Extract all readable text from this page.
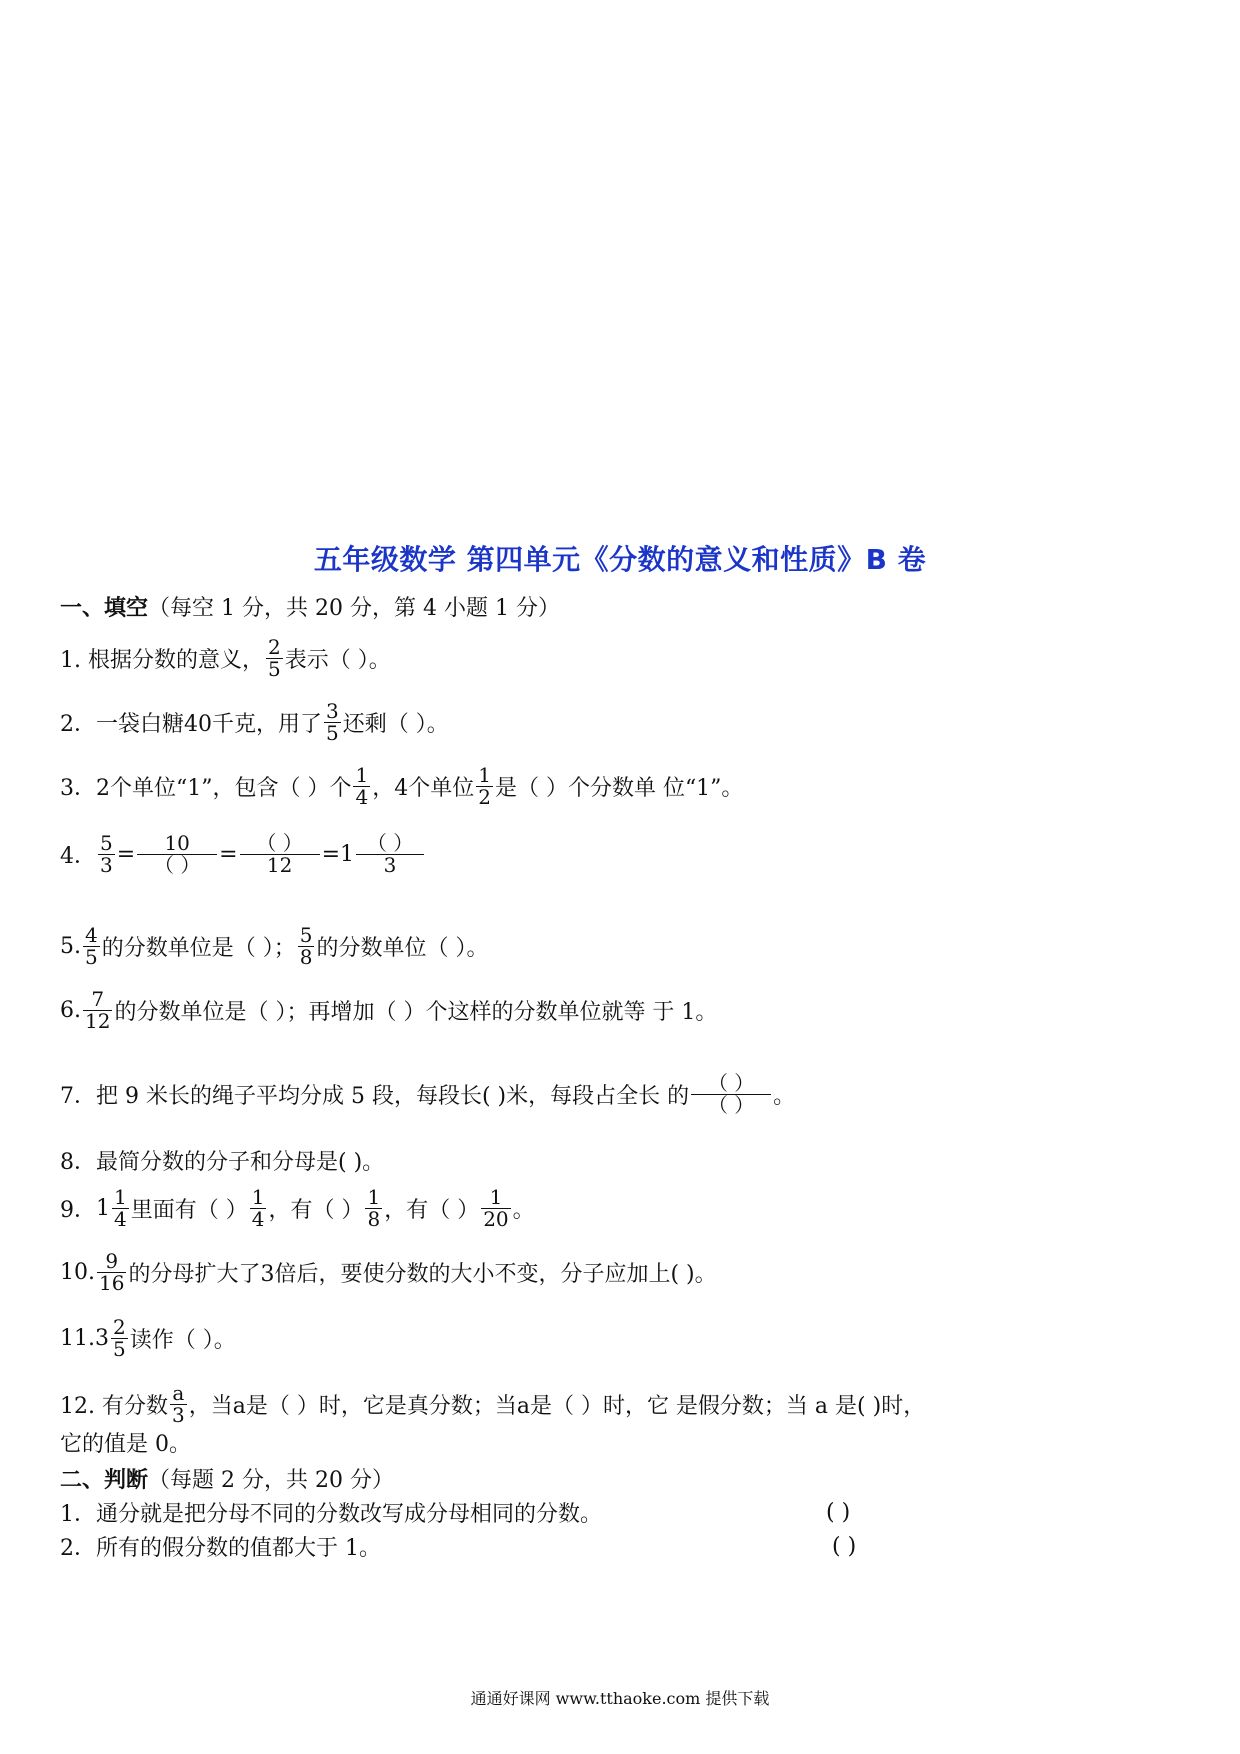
五年级数学 第四单元《分数的意义和性质》B 卷
一、填空 （每空 1 分，共 20 分，第 4 小题 1 分）
1. 根据分数的意义， $\frac{2}{5}$ 表示（ ）。
2．一袋白糖40千克，用了 $\frac{3}{5}$ 还剩（ ）。
3．2个单位“1”，包含（ ）个 $\frac{1}{4}$ ，4个单位 $\frac{1}{2}$ 是（ ）个分数单 位“1”。
4． $\frac{5}{3} = \frac{10}{( )} = \frac{( )}{12} = 1 \frac{( )}{3}$
5. $\frac{4}{5}$ 的分数单位是（ ）； $\frac{5}{8}$ 的分数单位（ ）。
6. $\frac{7}{12}$ 的分数单位是（ ）；再增加（ ）个这样的分数单位就等 于 1。
7．把 9 米长的绳子平均分成 5 段，每段长( )米，每段占全长 的 $\frac{( )}{( )}$ 。
8．最简分数的分子和分母是( )。
9． $1 \frac{1}{4}$ 里面有（ ） $\frac{1}{4}$ ，有（ ） $\frac{1}{8}$ ，有（ ） $\frac{1}{20}$ 。
10. $\frac{9}{16}$ 的分母扩大了3倍后，要使分数的大小不变，分子应加上( )。
11. $3 \frac{2}{5}$ 读作（ ）。
12. 有分数 $\frac{a}{3}$ ，当a是（ ）时，它是真分数；当a是（ ）时，它 是假分数；当 a 是( )时，
它的值是 0。
二、判断 （每题 2 分，共 20 分）
1．通分就是把分母不同的分数改写成分母相同的分数。	( )
2．所有的假分数的值都大于 1。	( )
通通好课网 www.tthaoke.com 提供下载
